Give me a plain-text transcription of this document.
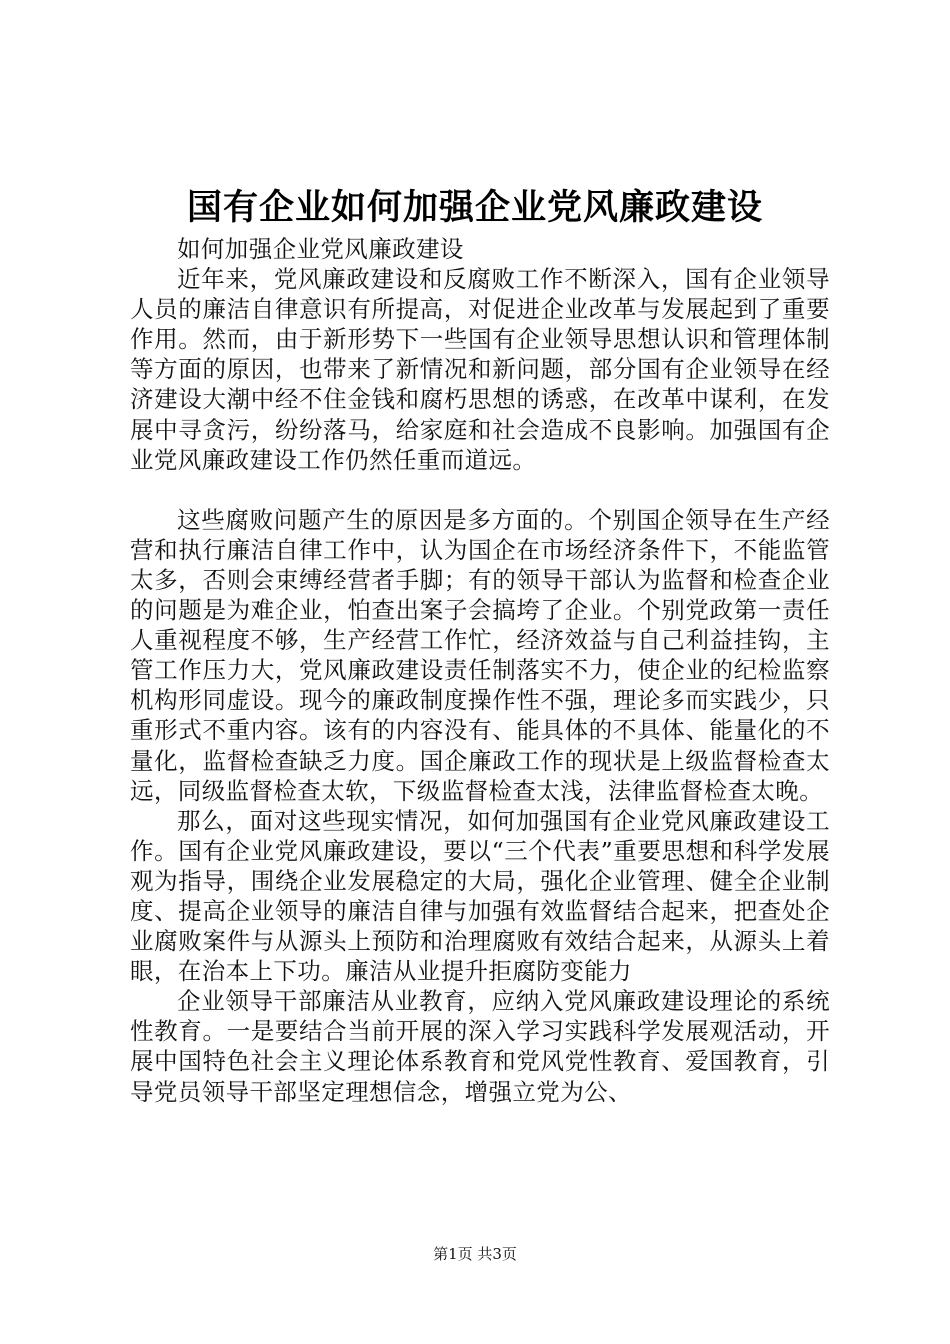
国有企业如何加强企业党风廉政建设

如何加强企业党风廉政建设

近年来，党风廉政建设和反腐败工作不断深入，国有企业领导人员的廉洁自律意识有所提高，对促进企业改革与发展起到了重要作用。然而，由于新形势下一些国有企业领导思想认识和管理体制等方面的原因，也带来了新情况和新问题，部分国有企业领导在经济建设大潮中经不住金钱和腐朽思想的诱惑，在改革中谋利，在发展中寻贪污，纷纷落马，给家庭和社会造成不良影响。加强国有企业党风廉政建设工作仍然任重而道远。

这些腐败问题产生的原因是多方面的。个别国企领导在生产经营和执行廉洁自律工作中，认为国企在市场经济条件下，不能监管太多，否则会束缚经营者手脚；有的领导干部认为监督和检查企业的问题是为难企业，怕查出案子会搞垮了企业。个别党政第一责任人重视程度不够，生产经营工作忙，经济效益与自己利益挂钩，主管工作压力大，党风廉政建设责任制落实不力，使企业的纪检监察机构形同虚设。现今的廉政制度操作性不强，理论多而实践少，只重形式不重内容。该有的内容没有、能具体的不具体、能量化的不量化，监督检查缺乏力度。国企廉政工作的现状是上级监督检查太远，同级监督检查太软，下级监督检查太浅，法律监督检查太晚。

那么，面对这些现实情况，如何加强国有企业党风廉政建设工作。国有企业党风廉政建设，要以“三个代表”重要思想和科学发展观为指导，围绕企业发展稳定的大局，强化企业管理、健全企业制度、提高企业领导的廉洁自律与加强有效监督结合起来，把查处企业腐败案件与从源头上预防和治理腐败有效结合起来，从源头上着眼，在治本上下功。廉洁从业提升拒腐防变能力

企业领导干部廉洁从业教育，应纳入党风廉政建设理论的系统性教育。一是要结合当前开展的深入学习实践科学发展观活动，开展中国特色社会主义理论体系教育和党风党性教育、爱国教育，引导党员领导干部坚定理想信念，增强立党为公、

第1页 共3页
